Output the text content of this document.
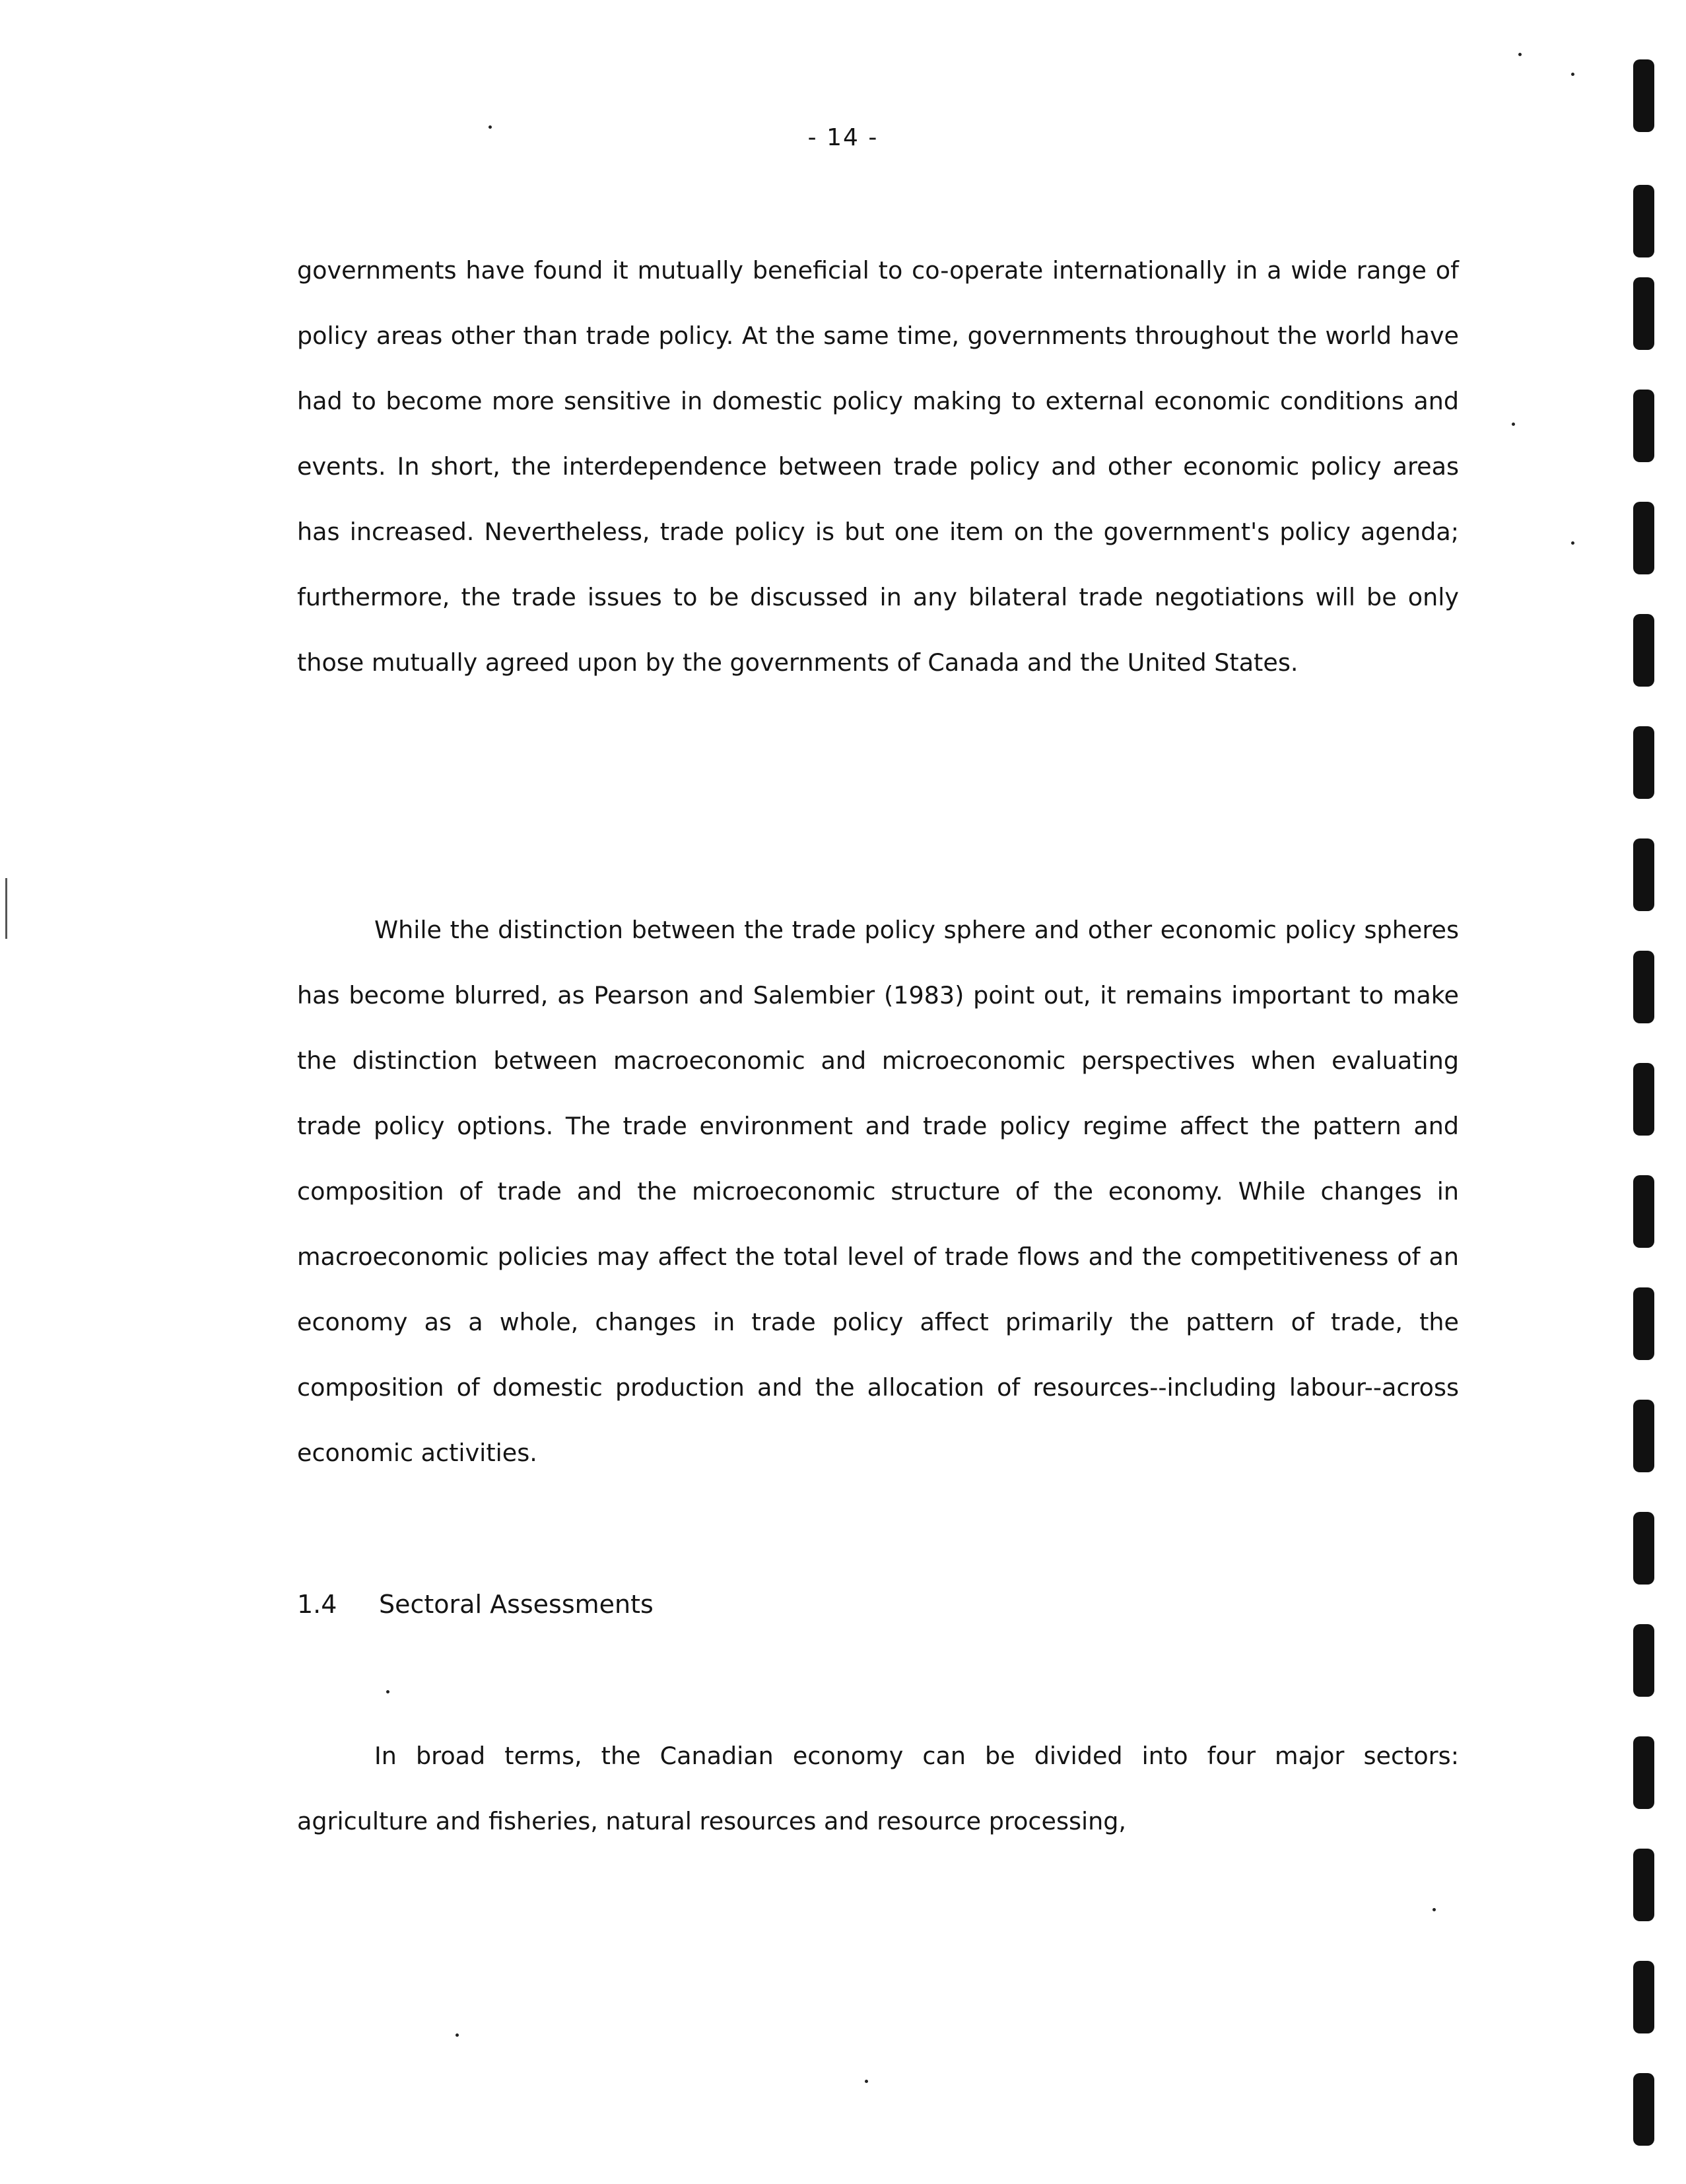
- 14 -

governments have found it mutually beneficial to co-operate internationally in a wide range of policy areas other than trade policy. At the same time, governments throughout the world have had to become more sensitive in domestic policy making to external economic conditions and events. In short, the interdependence between trade policy and other economic policy areas has increased. Nevertheless, trade policy is but one item on the government's policy agenda; furthermore, the trade issues to be discussed in any bilateral trade negotiations will be only those mutually agreed upon by the governments of Canada and the United States.

While the distinction between the trade policy sphere and other economic policy spheres has become blurred, as Pearson and Salembier (1983) point out, it remains important to make the distinction between macroeconomic and microeconomic perspectives when evaluating trade policy options. The trade environment and trade policy regime affect the pattern and composition of trade and the microeconomic structure of the economy. While changes in macroeconomic policies may affect the total level of trade flows and the competitiveness of an economy as a whole, changes in trade policy affect primarily the pattern of trade, the composition of domestic production and the allocation of resources--including labour--across economic activities.

1.4 Sectoral Assessments

In broad terms, the Canadian economy can be divided into four major sectors: agriculture and fisheries, natural resources and resource processing,
